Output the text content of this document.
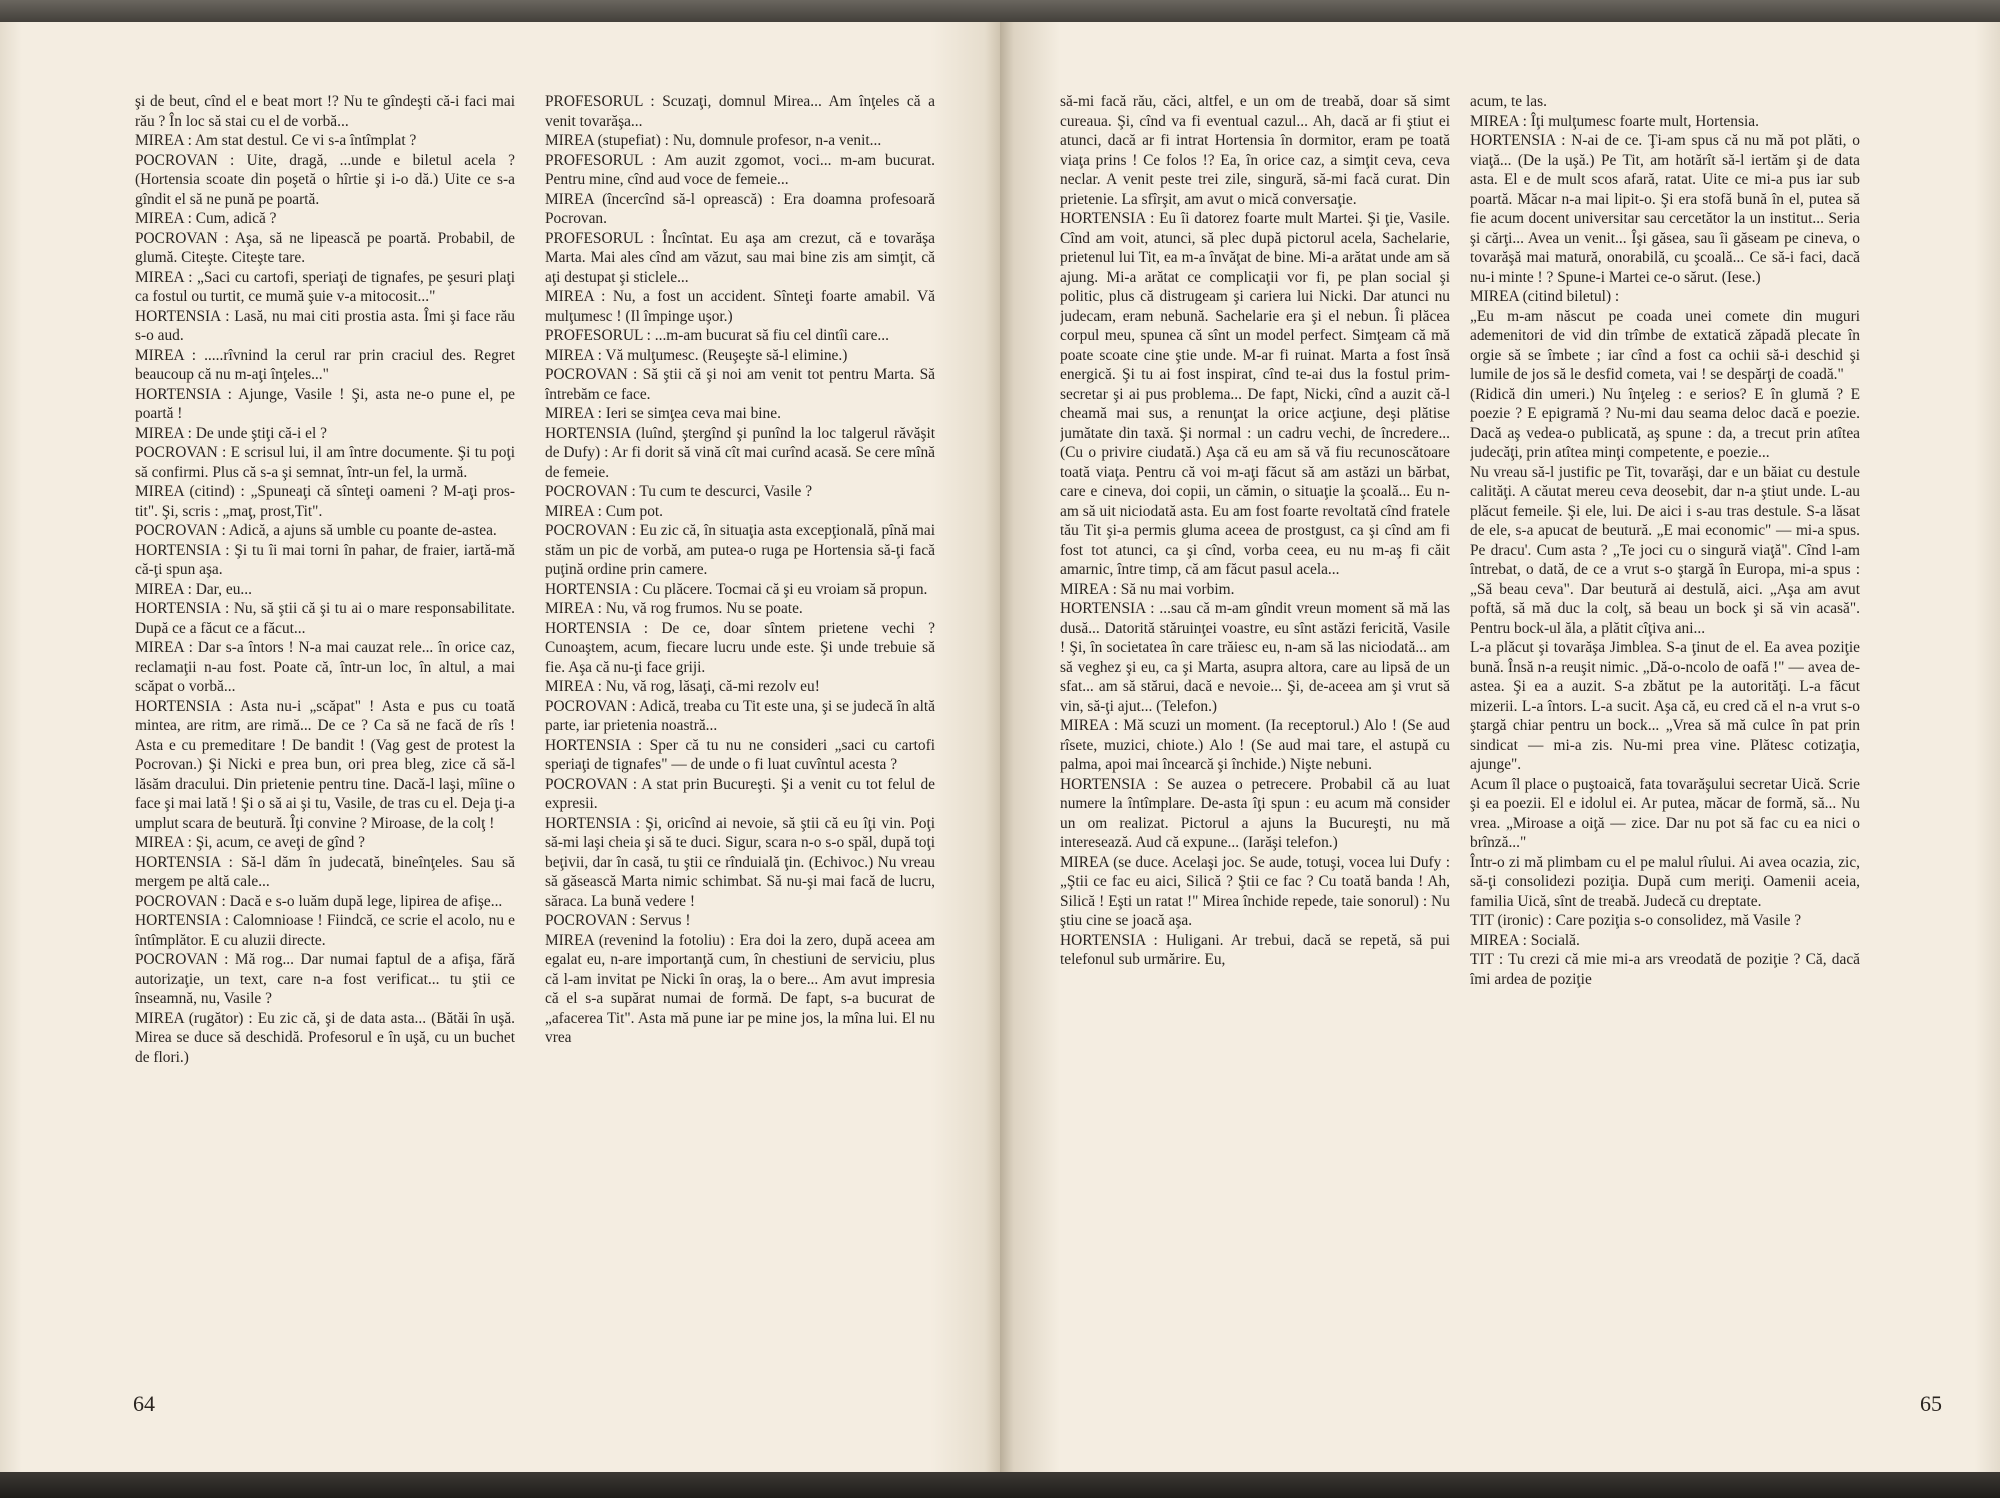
şi de beut, cînd el e beat mort !? Nu te gîndeşti că-i faci mai rău ? În loc să stai cu el de vorbă...

MIREA : Am stat destul. Ce vi s-a întîmplat ?

POCROVAN : Uite, dragă, ...unde e biletul acela ? (Hortensia scoate din poşetă o hîrtie şi i-o dă.) Uite ce s-a gîndit el să ne pună pe poartă.

MIREA : Cum, adică ?

POCROVAN : Aşa, să ne lipească pe poartă. Probabil, de glumă. Citeşte. Citeşte tare.

MIREA : „Saci cu cartofi, speriaţi de tignafes, pe şesuri plaţi ca fostul ou turtit, ce mumă şuie v-a mitocosit..."

HORTENSIA : Lasă, nu mai citi prostia asta. Îmi şi face rău s-o aud.

MIREA : .....rîvnind la cerul rar prin craciul des. Regret beaucoup că nu m-aţi înţeles..."

HORTENSIA : Ajunge, Vasile ! Şi, asta ne-o pune el, pe poartă !

MIREA : De unde ştiţi că-i el ?

POCROVAN : E scrisul lui, il am între documente. Şi tu poţi să confirmi. Plus că s-a şi semnat, într-un fel, la urmă.

MIREA (citind) : „Spuneaţi că sînteţi oameni ? M-aţi pros-tit". Şi, scris : „maţ, prost,Tit".

POCROVAN : Adică, a ajuns să umble cu poante de-astea.

HORTENSIA : Şi tu îi mai torni în pahar, de fraier, iartă-mă că-ţi spun aşa.

MIREA : Dar, eu...

HORTENSIA : Nu, să ştii că şi tu ai o mare responsabilitate. După ce a făcut ce a făcut...

MIREA : Dar s-a întors ! N-a mai cauzat rele... în orice caz, reclamaţii n-au fost. Poate că, într-un loc, în altul, a mai scăpat o vorbă...

HORTENSIA : Asta nu-i „scăpat" ! Asta e pus cu toată mintea, are ritm, are rimă... De ce ? Ca să ne facă de rîs ! Asta e cu premeditare ! De bandit ! (Vag gest de protest la Pocrovan.) Şi Nicki e prea bun, ori prea bleg, zice că să-l lăsăm dracului. Din prietenie pentru tine. Dacă-l laşi, mîine o face şi mai lată ! Şi o să ai şi tu, Vasile, de tras cu el. Deja ţi-a umplut scara de beutură. Îţi convine ? Miroase, de la colţ !

MIREA : Şi, acum, ce aveţi de gînd ?

HORTENSIA : Să-l dăm în judecată, bineînţeles. Sau să mergem pe altă cale...

POCROVAN : Dacă e s-o luăm după lege, lipirea de afişe...

HORTENSIA : Calomnioase ! Fiindcă, ce scrie el acolo, nu e întîmplător. E cu aluzii directe.

POCROVAN : Mă rog... Dar numai faptul de a afişa, fără autorizaţie, un text, care n-a fost verificat... tu ştii ce înseamnă, nu, Vasile ?

MIREA (rugător) : Eu zic că, şi de data asta... (Bătăi în uşă. Mirea se duce să deschidă. Profesorul e în uşă, cu un buchet de flori.)

PROFESORUL : Scuzaţi, domnul Mirea... Am înţeles că a venit tovarăşa...

MIREA (stupefiat) : Nu, domnule profesor, n-a venit...

PROFESORUL : Am auzit zgomot, voci... m-am bucurat. Pentru mine, cînd aud voce de femeie...

MIREA (încercînd să-l oprească) : Era doamna profesoară Pocrovan.

PROFESORUL : Încîntat. Eu aşa am crezut, că e tovarăşa Marta. Mai ales cînd am văzut, sau mai bine zis am simţit, că aţi destupat şi sticlele...

MIREA : Nu, a fost un accident. Sînteţi foarte amabil. Vă mulţumesc ! (Il împinge uşor.)

PROFESORUL : ...m-am bucurat să fiu cel dintîi care...

MIREA : Vă mulţumesc. (Reuşeşte să-l elimine.)

POCROVAN : Să ştii că şi noi am venit tot pentru Marta. Să întrebăm ce face.

MIREA : Ieri se simţea ceva mai bine.

HORTENSIA (luînd, ştergînd şi punînd la loc talgerul răvăşit de Dufy) : Ar fi dorit să vină cît mai curînd acasă. Se cere mînă de femeie.

POCROVAN : Tu cum te descurci, Vasile ?

MIREA : Cum pot.

POCROVAN : Eu zic că, în situaţia asta excepţională, pînă mai stăm un pic de vorbă, am putea-o ruga pe Hortensia să-ţi facă puţină ordine prin camere.

HORTENSIA : Cu plăcere. Tocmai că şi eu vroiam să propun.

MIREA : Nu, vă rog frumos. Nu se poate.

HORTENSIA : De ce, doar sîntem prietene vechi ? Cunoaştem, acum, fiecare lucru unde este. Şi unde trebuie să fie. Aşa că nu-ţi face griji.

MIREA : Nu, vă rog, lăsaţi, că-mi rezolv eu!

POCROVAN : Adică, treaba cu Tit este una, şi se judecă în altă parte, iar prietenia noastră...

HORTENSIA : Sper că tu nu ne consideri „saci cu cartofi speriaţi de tignafes" — de unde o fi luat cuvîntul acesta ?

POCROVAN : A stat prin Bucureşti. Şi a venit cu tot felul de expresii.

HORTENSIA : Şi, oricînd ai nevoie, să ştii că eu îţi vin. Poţi să-mi laşi cheia şi să te duci. Sigur, scara n-o s-o spăl, după toţi beţivii, dar în casă, tu ştii ce rînduială ţin. (Echivoc.) Nu vreau să găsească Marta nimic schimbat. Să nu-şi mai facă de lucru, săraca. La bună vedere !

POCROVAN : Servus !

MIREA (revenind la fotoliu) : Era doi la zero, după aceea am egalat eu, n-are importanţă cum, în chestiuni de serviciu, plus că l-am invitat pe Nicki în oraş, la o bere... Am avut impresia că el s-a supărat numai de formă. De fapt, s-a bucurat de „afacerea Tit". Asta mă pune iar pe mine jos, la mîna lui. El nu vrea

64

să-mi facă rău, căci, altfel, e un om de treabă, doar să simt cureaua. Şi, cînd va fi eventual cazul... Ah, dacă ar fi ştiut ei atunci, dacă ar fi intrat Hortensia în dormitor, eram pe toată viaţa prins ! Ce folos !? Ea, în orice caz, a simţit ceva, ceva neclar. A venit peste trei zile, singură, să-mi facă curat. Din prietenie. La sfîrşit, am avut o mică conversaţie.

HORTENSIA : Eu îi datorez foarte mult Martei. Şi ţie, Vasile. Cînd am voit, atunci, să plec după pictorul acela, Sachelarie, prietenul lui Tit, ea m-a învăţat de bine. Mi-a arătat unde am să ajung. Mi-a arătat ce complicaţii vor fi, pe plan social şi politic, plus că distrugeam şi cariera lui Nicki. Dar atunci nu judecam, eram nebună. Sachelarie era şi el nebun. Îi plăcea corpul meu, spunea că sînt un model perfect. Simţeam că mă poate scoate cine ştie unde. M-ar fi ruinat. Marta a fost însă energică. Şi tu ai fost inspirat, cînd te-ai dus la fostul prim-secretar şi ai pus problema... De fapt, Nicki, cînd a auzit că-l cheamă mai sus, a renunţat la orice acţiune, deşi plătise jumătate din taxă. Şi normal : un cadru vechi, de încredere... (Cu o privire ciudată.) Aşa că eu am să vă fiu recunoscătoare toată viaţa. Pentru că voi m-aţi făcut să am astăzi un bărbat, care e cineva, doi copii, un cămin, o situaţie la şcoală... Eu n-am să uit niciodată asta. Eu am fost foarte revoltată cînd fratele tău Tit şi-a permis gluma aceea de prostgust, ca şi cînd am fi fost tot atunci, ca şi cînd, vorba ceea, eu nu m-aş fi căit amarnic, între timp, că am făcut pasul acela...

MIREA : Să nu mai vorbim.

HORTENSIA : ...sau că m-am gîndit vreun moment să mă las dusă... Datorită stăruinţei voastre, eu sînt astăzi fericită, Vasile ! Şi, în societatea în care trăiesc eu, n-am să las niciodată... am să veghez şi eu, ca şi Marta, asupra altora, care au lipsă de un sfat... am să stărui, dacă e nevoie... Şi, de-aceea am şi vrut să vin, să-ţi ajut... (Telefon.)

MIREA : Mă scuzi un moment. (Ia receptorul.) Alo ! (Se aud rîsete, muzici, chiote.) Alo ! (Se aud mai tare, el astupă cu palma, apoi mai încearcă şi închide.) Nişte nebuni.

HORTENSIA : Se auzea o petrecere. Probabil că au luat numere la întîmplare. De-asta îţi spun : eu acum mă consider un om realizat. Pictorul a ajuns la Bucureşti, nu mă interesează. Aud că expune... (Iarăşi telefon.)

MIREA (se duce. Acelaşi joc. Se aude, totuşi, vocea lui Dufy : „Ştii ce fac eu aici, Silică ? Ştii ce fac ? Cu toată banda ! Ah, Silică ! Eşti un ratat !" Mirea închide repede, taie sonorul) : Nu ştiu cine se joacă aşa.

HORTENSIA : Huligani. Ar trebui, dacă se repetă, să pui telefonul sub urmărire. Eu,

acum, te las.

MIREA : Îţi mulţumesc foarte mult, Hortensia.

HORTENSIA : N-ai de ce. Ţi-am spus că nu mă pot plăti, o viaţă... (De la uşă.) Pe Tit, am hotărît să-l iertăm şi de data asta. El e de mult scos afară, ratat. Uite ce mi-a pus iar sub poartă. Măcar n-a mai lipit-o. Şi era stofă bună în el, putea să fie acum docent universitar sau cercetător la un institut... Seria şi cărţi... Avea un venit... Îşi găsea, sau îi găseam pe cineva, o tovarăşă mai matură, onorabilă, cu şcoală... Ce să-i faci, dacă nu-i minte ! ? Spune-i Martei ce-o sărut. (Iese.)

MIREA (citind biletul) :

„Eu m-am născut pe coada unei comete din muguri ademenitori de vid din trîmbe de extatică zăpadă plecate în orgie să se îmbete ; iar cînd a fost ca ochii să-i deschid şi lumile de jos să le desfid cometa, vai ! se despărţi de coadă."

(Ridică din umeri.) Nu înţeleg : e serios? E în glumă ? E poezie ? E epigramă ? Nu-mi dau seama deloc dacă e poezie. Dacă aş vedea-o publicată, aş spune : da, a trecut prin atîtea judecăţi, prin atîtea minţi competente, e poezie...

Nu vreau să-l justific pe Tit, tovarăşi, dar e un băiat cu destule calităţi. A căutat mereu ceva deosebit, dar n-a ştiut unde. L-au plăcut femeile. Şi ele, lui. De aici i s-au tras destule. S-a lăsat de ele, s-a apucat de beutură. „E mai economic" — mi-a spus. Pe dracu'. Cum asta ? „Te joci cu o singură viaţă". Cînd l-am întrebat, o dată, de ce a vrut s-o ştargă în Europa, mi-a spus : „Să beau ceva". Dar beutură ai destulă, aici. „Aşa am avut poftă, să mă duc la colţ, să beau un bock şi să vin acasă". Pentru bock-ul ăla, a plătit cîţiva ani...

L-a plăcut şi tovarăşa Jimblea. S-a ţinut de el. Ea avea poziţie bună. Însă n-a reuşit nimic. „Dă-o-ncolo de oafă !" — avea de-astea. Şi ea a auzit. S-a zbătut pe la autorităţi. L-a făcut mizerii. L-a întors. L-a sucit. Aşa că, eu cred că el n-a vrut s-o ştargă chiar pentru un bock... „Vrea să mă culce în pat prin sindicat — mi-a zis. Nu-mi prea vine. Plătesc cotizaţia, ajunge".

Acum îl place o puştoaică, fata tovarăşului secretar Uică. Scrie şi ea poezii. El e idolul ei. Ar putea, măcar de formă, să... Nu vrea. „Miroase a oiţă — zice. Dar nu pot să fac cu ea nici o brînză..."

Într-o zi mă plimbam cu el pe malul rîului. Ai avea ocazia, zic, să-ţi consolidezi poziţia. După cum meriţi. Oamenii aceia, familia Uică, sînt de treabă. Judecă cu dreptate.

TIT (ironic) : Care poziţia s-o consolidez, mă Vasile ?

MIREA : Socială.

TIT : Tu crezi că mie mi-a ars vreodată de poziţie ? Că, dacă îmi ardea de poziţie

65
